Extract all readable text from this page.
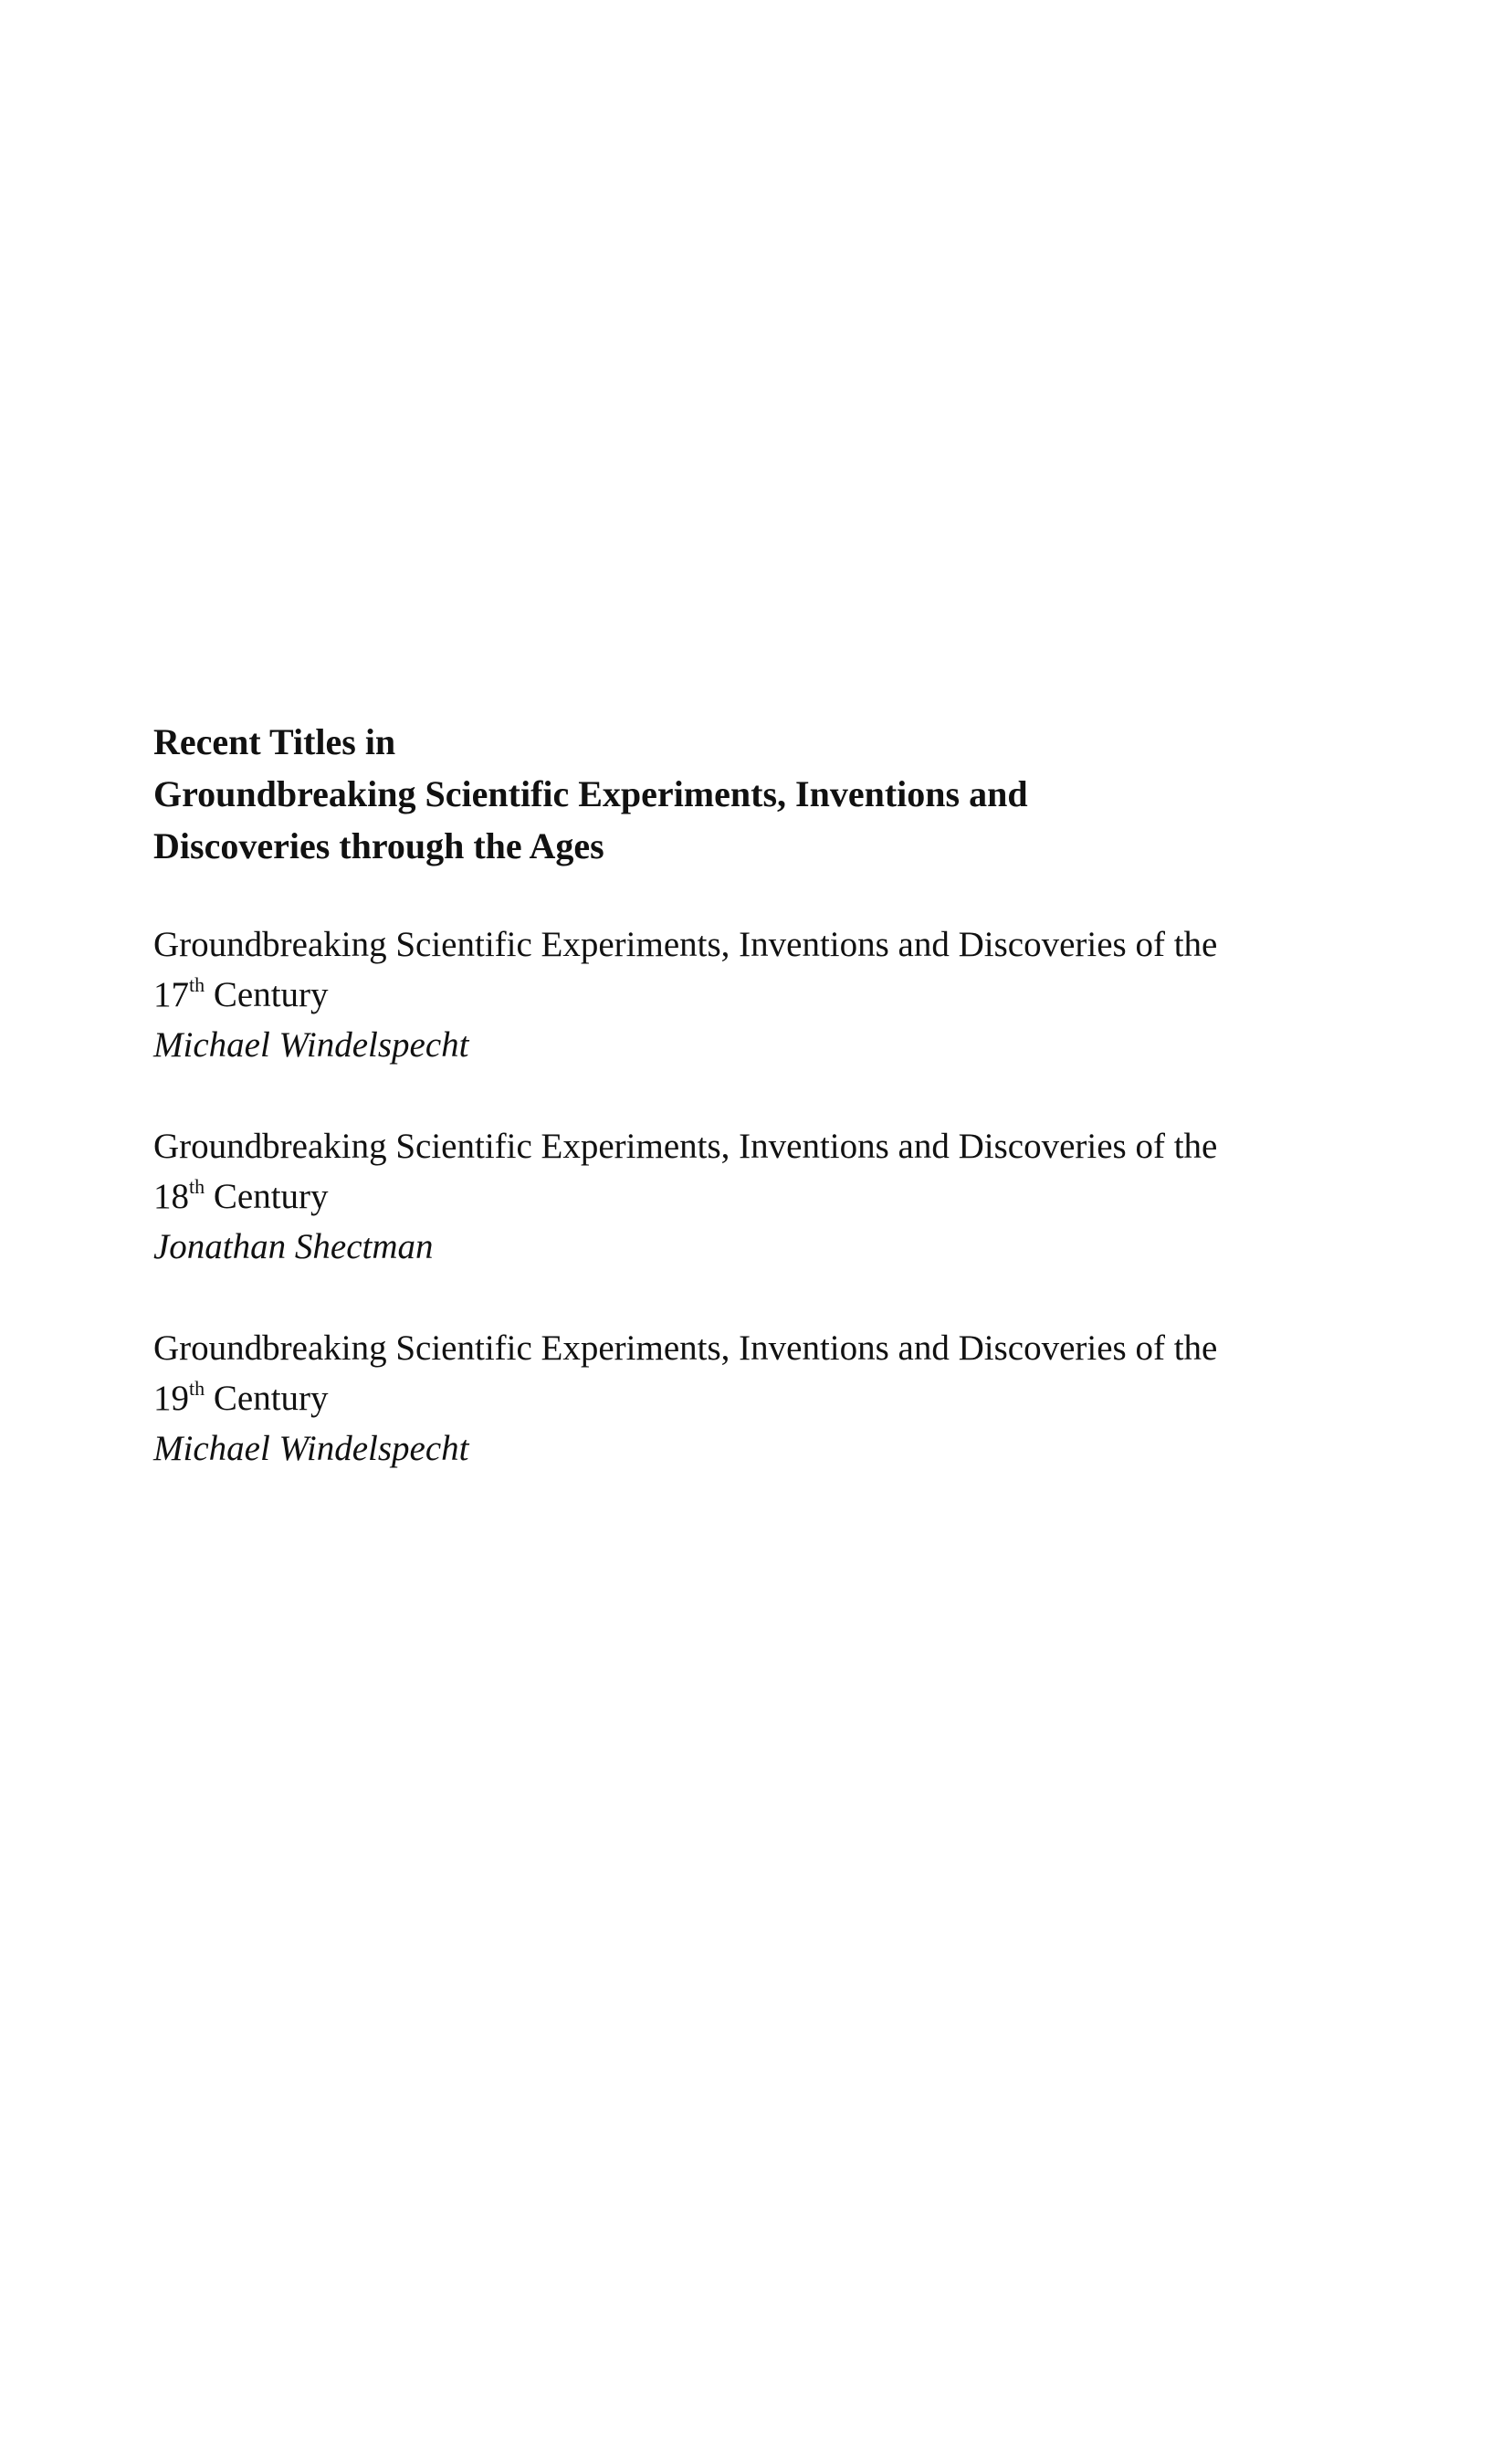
Recent Titles in
Groundbreaking Scientific Experiments, Inventions and
Discoveries through the Ages
Groundbreaking Scientific Experiments, Inventions and Discoveries of the
17th Century
Michael Windelspecht
Groundbreaking Scientific Experiments, Inventions and Discoveries of the
18th Century
Jonathan Shectman
Groundbreaking Scientific Experiments, Inventions and Discoveries of the
19th Century
Michael Windelspecht
